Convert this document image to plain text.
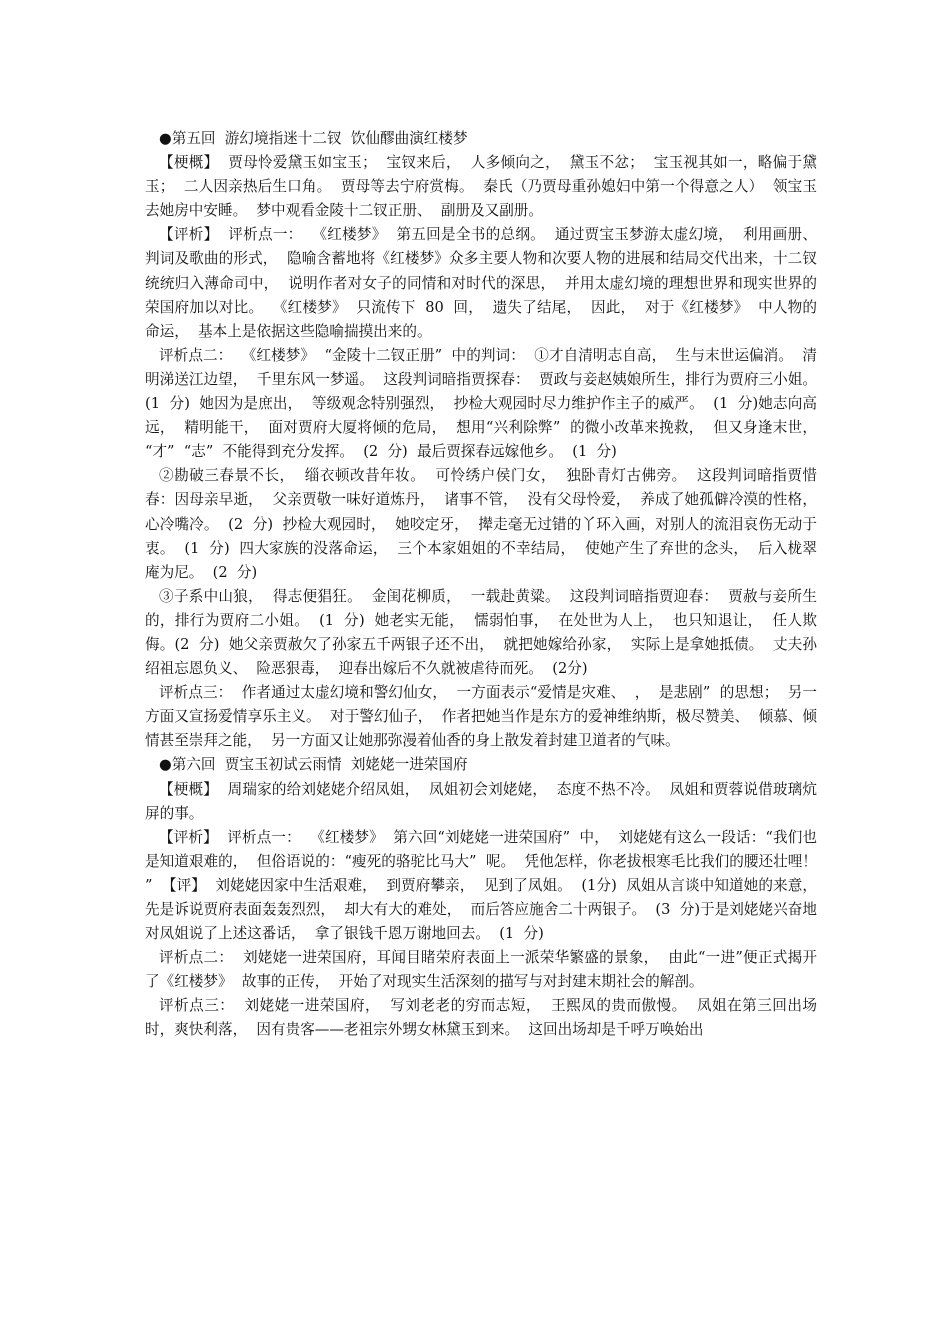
●第五回  游幻境指迷十二钗  饮仙醪曲演红楼梦

【梗概】  贾母怜爱黛玉如宝玉；  宝钗来后，  人多倾向之，  黛玉不忿；  宝玉视其如一，略偏于黛玉；  二人因亲热后生口角。  贾母等去宁府赏梅。  秦氏（乃贾母重孙媳妇中第一个得意之人）  领宝玉去她房中安睡。  梦中观看金陵十二钗正册、  副册及又副册。

【评析】  评析点一：  《红楼梦》  第五回是全书的总纲。  通过贾宝玉梦游太虚幻境，  利用画册、判词及歌曲的形式，  隐喻含蓄地将《红楼梦》众多主要人物和次要人物的进展和结局交代出来，十二钗统统归入薄命司中，  说明作者对女子的同情和对时代的深思，  并用太虚幻境的理想世界和现实世界的荣国府加以对比。  《红楼梦》  只流传下  80  回，  遗失了结尾，  因此，  对于《红楼梦》  中人物的命运，  基本上是依据这些隐喻揣摸出来的。

评析点二：  《红楼梦》  “金陵十二钗正册”  中的判词：  ①才自清明志自高，  生与末世运偏消。  清明涕送江边望，  千里东风一梦遥。  这段判词暗指贾探春：  贾政与妾赵姨娘所生，排行为贾府三小姐。  (1  分)  她因为是庶出，  等级观念特别强烈，  抄检大观园时尽力维护作主子的威严。  (1  分)她志向高远，  精明能干，  面对贾府大厦将倾的危局，  想用“兴利除弊”  的微小改革来挽救，  但又身逢末世，  “才”  “志”  不能得到充分发挥。  (2  分)  最后贾探春远嫁他乡。  (1  分)

②勘破三春景不长，  缁衣顿改昔年妆。  可怜绣户侯门女，  独卧青灯古佛旁。  这段判词暗指贾惜春：因母亲早逝，  父亲贾敬一味好道炼丹，  诸事不管，  没有父母怜爱，  养成了她孤僻冷漠的性格，  心冷嘴冷。  (2  分)  抄检大观园时，  她咬定牙，  撵走毫无过错的丫环入画，对别人的流泪哀伤无动于衷。  (1  分)  四大家族的没落命运，  三个本家姐姐的不幸结局，  使她产生了弃世的念头，  后入栊翠庵为尼。  (2  分)

③子系中山狼，  得志便猖狂。  金闺花柳质，  一载赴黄粱。  这段判词暗指贾迎春：  贾赦与妾所生的，排行为贾府二小姐。  (1  分)  她老实无能，  懦弱怕事，  在处世为人上，  也只知退让，  任人欺侮。(2  分)  她父亲贾赦欠了孙家五千两银子还不出，  就把她嫁给孙家，  实际上是拿她抵债。  丈夫孙绍祖忘恩负义、  险恶狠毒，  迎春出嫁后不久就被虐待而死。  (2分)

评析点三：  作者通过太虚幻境和警幻仙女，  一方面表示“爱情是灾难、  ，  是悲剧”  的思想；  另一方面又宣扬爱情享乐主义。  对于警幻仙子，  作者把她当作是东方的爱神维纳斯，极尽赞美、  倾慕、倾情甚至崇拜之能，  另一方面又让她那弥漫着仙香的身上散发着封建卫道者的气味。

●第六回  贾宝玉初试云雨情  刘姥姥一进荣国府

【梗概】  周瑞家的给刘姥姥介绍凤姐，  凤姐初会刘姥姥，  态度不热不冷。  凤姐和贾蓉说借玻璃炕屏的事。

【评析】  评析点一：  《红楼梦》  第六回“刘姥姥一进荣国府”  中，  刘姥姥有这么一段话：“我们也是知道艰难的，  但俗语说的：“瘦死的骆驼比马大”  呢。  凭他怎样，你老拔根寒毛比我们的腰还壮哩！  ”  【评】  刘姥姥因家中生活艰难，  到贾府攀亲，  见到了凤姐。  (1分)  凤姐从言谈中知道她的来意，  先是诉说贾府表面轰轰烈烈，  却大有大的难处，  而后答应施舍二十两银子。  (3  分)于是刘姥姥兴奋地对凤姐说了上述这番话，  拿了银钱千恩万谢地回去。  (1  分)

评析点二：  刘姥姥一进荣国府，耳闻目睹荣府表面上一派荣华繁盛的景象，  由此“一进”便正式揭开了《红楼梦》  故事的正传，  开始了对现实生活深刻的描写与对封建末期社会的解剖。

评析点三：  刘姥姥一进荣国府，  写刘老老的穷而志短，  王熙凤的贵而傲慢。  凤姐在第三回出场时，爽快利落，  因有贵客——老祖宗外甥女林黛玉到来。  这回出场却是千呼万唤始出
